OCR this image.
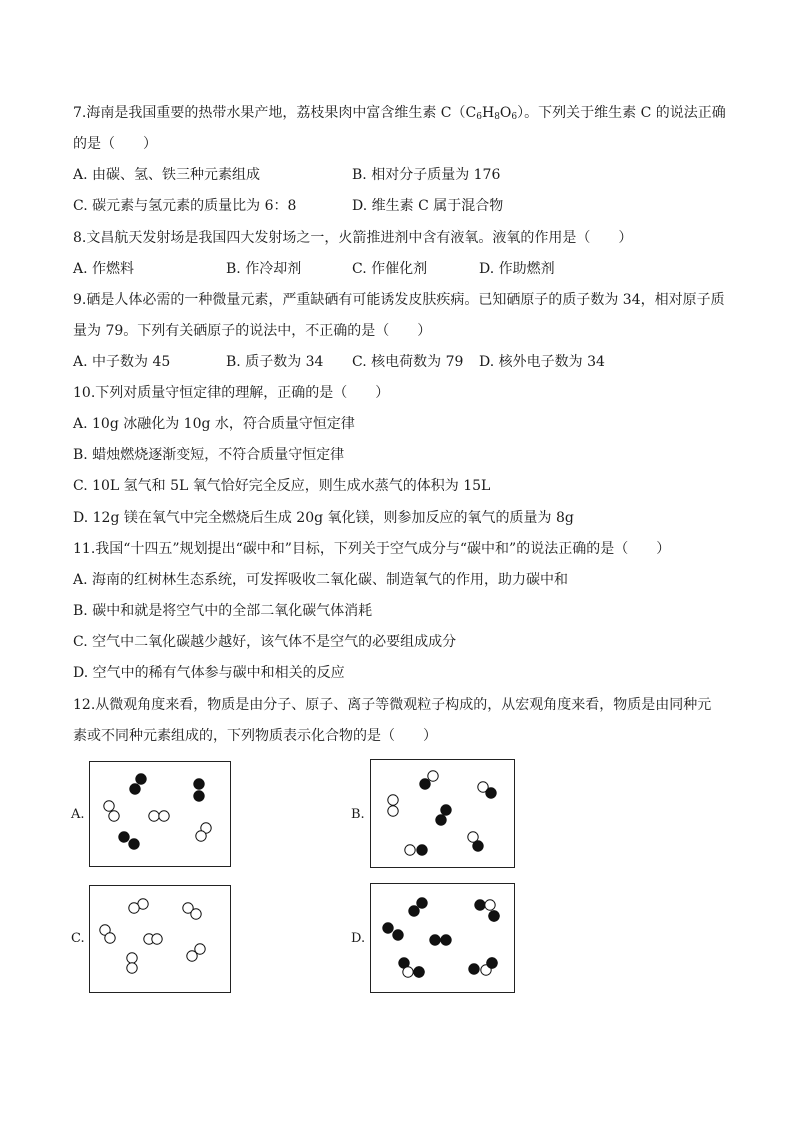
7.海南是我国重要的热带水果产地，荔枝果肉中富含维生素 $C(C_6H_8O_6)$。下列关于维生素 C 的说法正确
的是（　　）
A. 由碳、氢、铁三种元素组成	B. 相对分子质量为 176
C. 碳元素与氢元素的质量比为 6：8	D. 维生素 C 属于混合物
8.文昌航天发射场是我国四大发射场之一，火箭推进剂中含有液氧。液氧的作用是（　　）
A. 作燃料	B. 作冷却剂	C. 作催化剂	D. 作助燃剂
9.硒是人体必需的一种微量元素，严重缺硒有可能诱发皮肤疾病。已知硒原子的质子数为 34，相对原子质
量为 79。下列有关硒原子的说法中，不正确的是（　　）
A. 中子数为 45	B. 质子数为 34 C. 核电荷数为 79 D. 核外电子数为 34
10.下列对质量守恒定律的理解，正确的是（　　）
A. 10g 冰融化为 10g 水，符合质量守恒定律
B. 蜡烛燃烧逐渐变短，不符合质量守恒定律
C. 10L 氢气和 5L 氧气恰好完全反应，则生成水蒸气的体积为 15L
D. 12g 镁在氧气中完全燃烧后生成 20g 氧化镁，则参加反应的氧气的质量为 8g
11.我国“十四五”规划提出“碳中和”目标，下列关于空气成分与“碳中和”的说法正确的是（　　）
A. 海南的红树林生态系统，可发挥吸收二氧化碳、制造氧气的作用，助力碳中和
B. 碳中和就是将空气中的全部二氧化碳气体消耗
C. 空气中二氧化碳越少越好，该气体不是空气的必要组成成分
D. 空气中的稀有气体参与碳中和相关的反应
12.从微观角度来看，物质是由分子、原子、离子等微观粒子构成的，从宏观角度来看，物质是由同种元
素或不同种元素组成的，下列物质表示化合物的是（　　）
A.	B.
C.	D.
